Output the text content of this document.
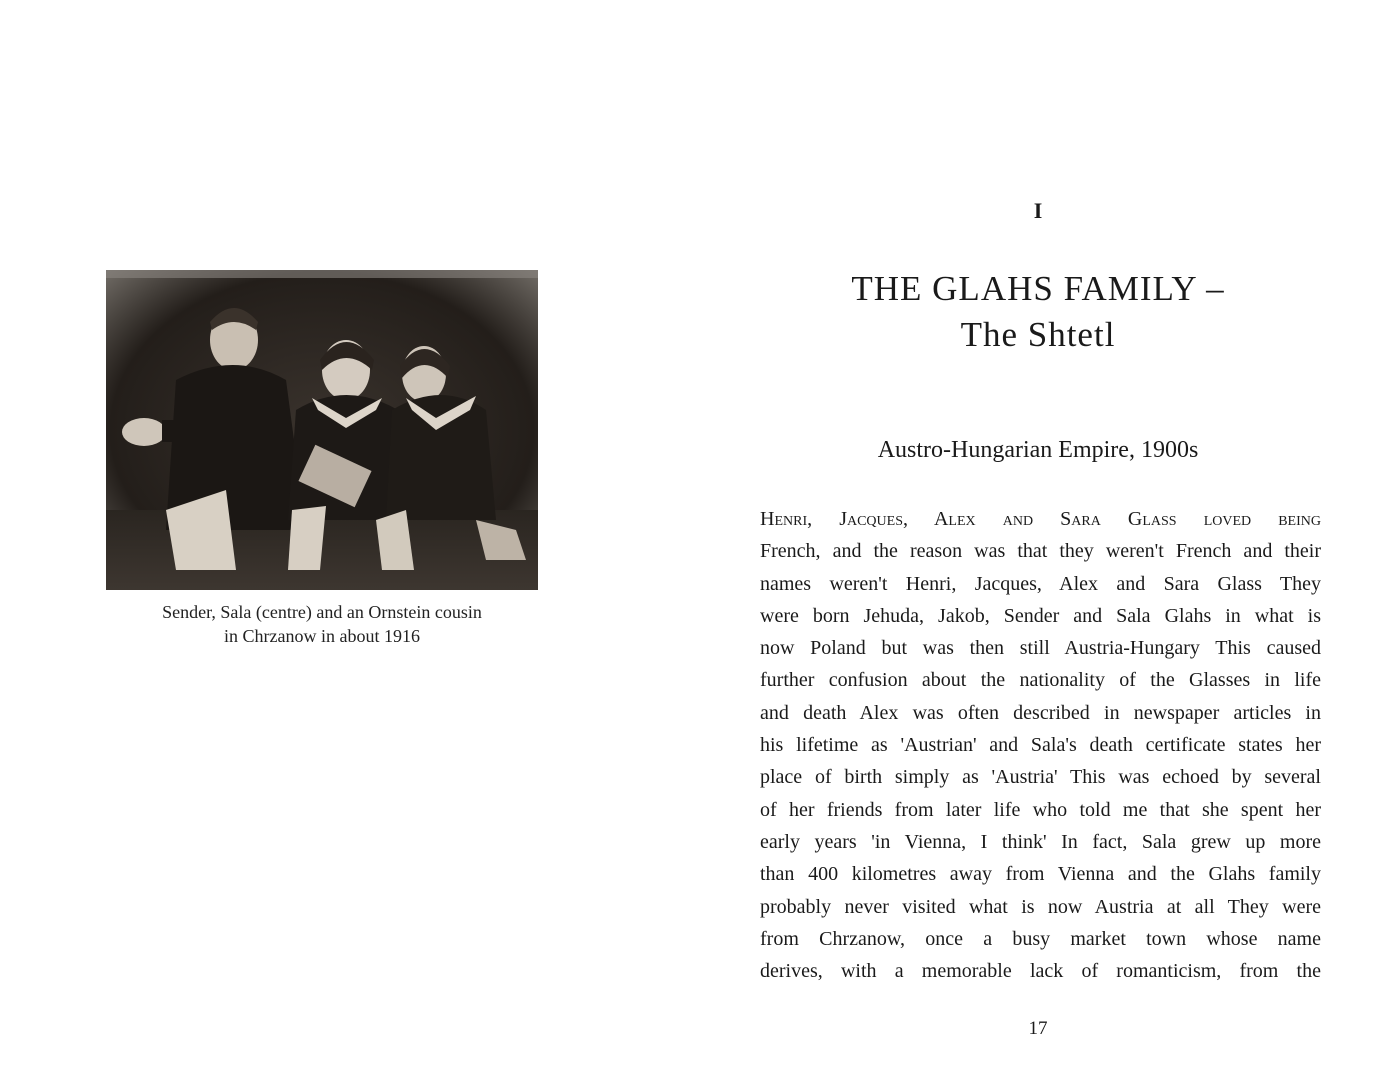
Sender, Sala (centre) and an Ornstein cousin
in Chrzanow in about 1916
I
THE GLAHS FAMILY –
The Shtetl
Austro-Hungarian Empire, 1900s
Henri, Jacques, Alex and Sara Glass loved being
French, and the reason was that they weren't French and their
names weren't Henri, Jacques, Alex and Sara Glass They
were born Jehuda, Jakob, Sender and Sala Glahs in what is
now Poland but was then still Austria-Hungary This caused
further confusion about the nationality of the Glasses in life
and death Alex was often described in newspaper articles in
his lifetime as 'Austrian' and Sala's death certificate states her
place of birth simply as 'Austria' This was echoed by several
of her friends from later life who told me that she spent her
early years 'in Vienna, I think' In fact, Sala grew up more
than 400 kilometres away from Vienna and the Glahs family
probably never visited what is now Austria at all They were
from Chrzanow, once a busy market town whose name
derives, with a memorable lack of romanticism, from the
17
